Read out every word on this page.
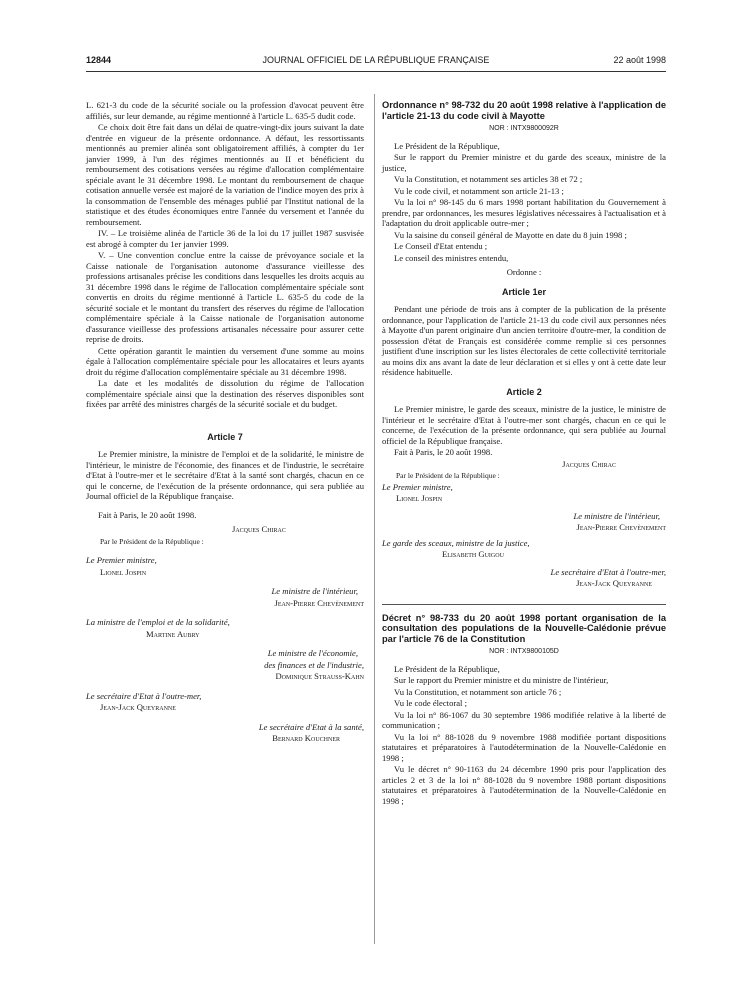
12844	JOURNAL OFFICIEL DE LA RÉPUBLIQUE FRANÇAISE	22 août 1998

L. 621-3 du code de la sécurité sociale ou la profession d'avocat peuvent être affiliés, sur leur demande, au régime mentionné à l'article L. 635-5 dudit code.

Ce choix doit être fait dans un délai de quatre-vingt-dix jours suivant la date d'entrée en vigueur de la présente ordonnance. A défaut, les ressortissants mentionnés au premier alinéa sont obligatoirement affiliés, à compter du 1er janvier 1999, à l'un des régimes mentionnés au II et bénéficient du remboursement des cotisations versées au régime d'allocation complémentaire spéciale avant le 31 décembre 1998. Le montant du remboursement de chaque cotisation annuelle versée est majoré de la variation de l'indice moyen des prix à la consommation de l'ensemble des ménages publié par l'Institut national de la statistique et des études économiques entre l'année du versement et l'année du remboursement.

IV. – Le troisième alinéa de l'article 36 de la loi du 17 juillet 1987 susvisée est abrogé à compter du 1er janvier 1999.

V. – Une convention conclue entre la caisse de prévoyance sociale et la Caisse nationale de l'organisation autonome d'assurance vieillesse des professions artisanales précise les conditions dans lesquelles les droits acquis au 31 décembre 1998 dans le régime de l'allocation complémentaire spéciale sont convertis en droits du régime mentionné à l'article L. 635-5 du code de la sécurité sociale et le montant du transfert des réserves du régime de l'allocation complémentaire spéciale à la Caisse nationale de l'organisation autonome d'assurance vieillesse des professions artisanales nécessaire pour assurer cette reprise de droits.

Cette opération garantit le maintien du versement d'une somme au moins égale à l'allocation complémentaire spéciale pour les allocataires et leurs ayants droit du régime d'allocation complémentaire spéciale au 31 décembre 1998.

La date et les modalités de dissolution du régime de l'allocation complémentaire spéciale ainsi que la destination des réserves disponibles sont fixées par arrêté des ministres chargés de la sécurité sociale et du budget.

Article 7

Le Premier ministre, la ministre de l'emploi et de la solidarité, le ministre de l'intérieur, le ministre de l'économie, des finances et de l'industrie, le secrétaire d'Etat à l'outre-mer et le secrétaire d'Etat à la santé sont chargés, chacun en ce qui le concerne, de l'exécution de la présente ordonnance, qui sera publiée au Journal officiel de la République française.

Fait à Paris, le 20 août 1998.

Jacques Chirac
Par le Président de la République :
Le Premier ministre,
Lionel Jospin
Le ministre de l'intérieur,
Jean-Pierre Chevènement
La ministre de l'emploi et de la solidarité,
Martine Aubry
Le ministre de l'économie,
des finances et de l'industrie,
Dominique Strauss-Kahn
Le secrétaire d'Etat à l'outre-mer,
Jean-Jack Queyranne
Le secrétaire d'Etat à la santé,
Bernard Kouchner
Ordonnance n° 98-732 du 20 août 1998 relative à l'application de l'article 21-13 du code civil à Mayotte
NOR : INTX9800092R

Le Président de la République,

Sur le rapport du Premier ministre et du garde des sceaux, ministre de la justice,

Vu la Constitution, et notamment ses articles 38 et 72 ;

Vu le code civil, et notamment son article 21-13 ;

Vu la loi n° 98-145 du 6 mars 1998 portant habilitation du Gouvernement à prendre, par ordonnances, les mesures législatives nécessaires à l'actualisation et à l'adaptation du droit applicable outre-mer ;

Vu la saisine du conseil général de Mayotte en date du 8 juin 1998 ;

Le Conseil d'Etat entendu ;

Le conseil des ministres entendu,

Ordonne :

Article 1er

Pendant une période de trois ans à compter de la publication de la présente ordonnance, pour l'application de l'article 21-13 du code civil aux personnes nées à Mayotte d'un parent originaire d'un ancien territoire d'outre-mer, la condition de possession d'état de Français est considérée comme remplie si ces personnes justifient d'une inscription sur les listes électorales de cette collectivité territoriale au moins dix ans avant la date de leur déclaration et si elles y ont à cette date leur résidence habituelle.

Article 2

Le Premier ministre, le garde des sceaux, ministre de la justice, le ministre de l'intérieur et le secrétaire d'Etat à l'outre-mer sont chargés, chacun en ce qui le concerne, de l'exécution de la présente ordonnance, qui sera publiée au Journal officiel de la République française.

Fait à Paris, le 20 août 1998.

Jacques Chirac
Par le Président de la République :
Le Premier ministre,
Lionel Jospin
Le ministre de l'intérieur,
Jean-Pierre Chevènement
Le garde des sceaux, ministre de la justice,
Elisabeth Guigou
Le secrétaire d'Etat à l'outre-mer,
Jean-Jack Queyranne
Décret n° 98-733 du 20 août 1998 portant organisation de la consultation des populations de la Nouvelle-Calédonie prévue par l'article 76 de la Constitution
NOR : INTX9800105D

Le Président de la République,

Sur le rapport du Premier ministre et du ministre de l'intérieur,

Vu la Constitution, et notamment son article 76 ;

Vu le code électoral ;

Vu la loi n° 86-1067 du 30 septembre 1986 modifiée relative à la liberté de communication ;

Vu la loi n° 88-1028 du 9 novembre 1988 modifiée portant dispositions statutaires et préparatoires à l'autodétermination de la Nouvelle-Calédonie en 1998 ;

Vu le décret n° 90-1163 du 24 décembre 1990 pris pour l'application des articles 2 et 3 de la loi n° 88-1028 du 9 novembre 1988 portant dispositions statutaires et préparatoires à l'autodétermination de la Nouvelle-Calédonie en 1998 ;
